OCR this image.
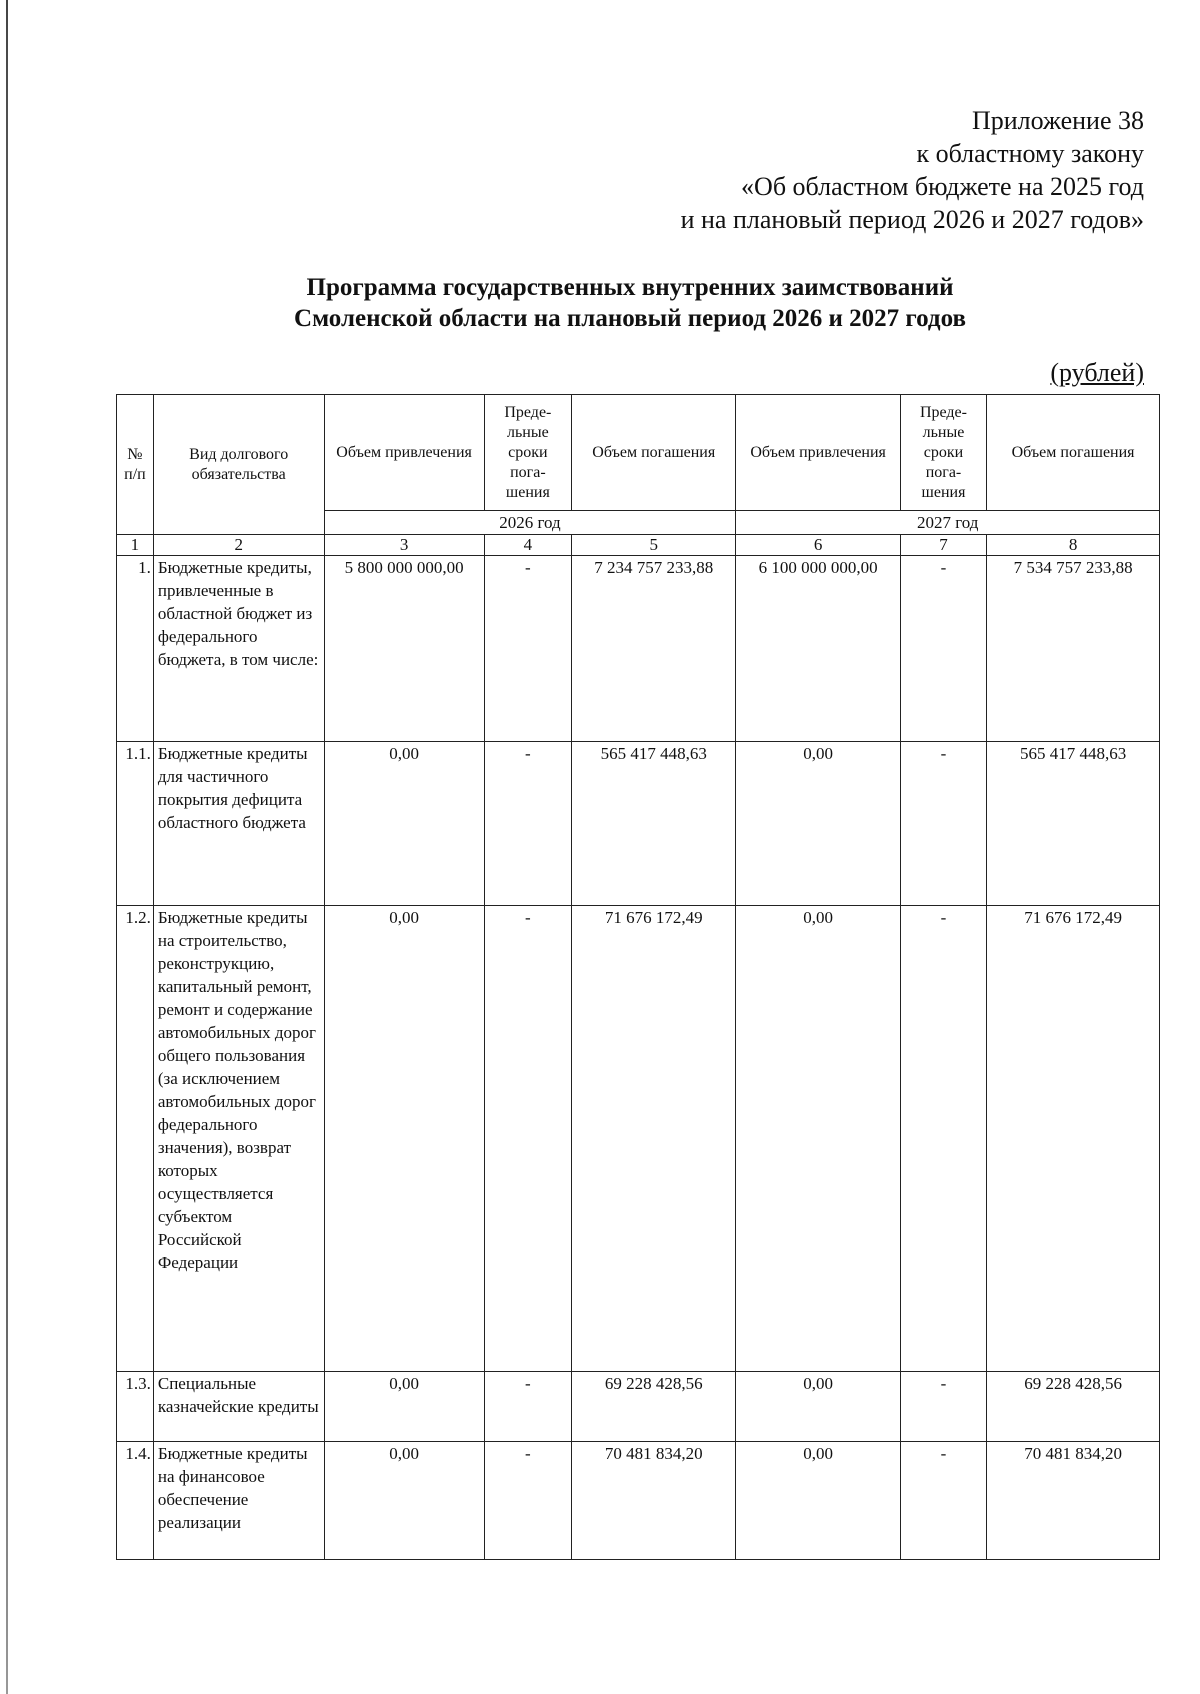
Приложение 38
к областному закону
«Об областном бюджете на 2025 год
и на плановый период 2026 и 2027 годов»
Программа государственных внутренних заимствований
Смоленской области на плановый период 2026 и 2027 годов
(рублей)
№ п/п	Вид долгового обязательства	Объем привлечения	Преде-льные сроки пога-шения	Объем погашения	Объем привлечения	Преде-льные сроки пога-шения	Объем погашения
		2026 год			2027 год		
1	2	3	4	5	6	7	8
1.	Бюджетные кредиты, привлеченные в областной бюджет из федерального бюджета, в том числе:	5 800 000 000,00	-	7 234 757 233,88	6 100 000 000,00	-	7 534 757 233,88
1.1.	Бюджетные кредиты для частичного покрытия дефицита областного бюджета	0,00	-	565 417 448,63	0,00	-	565 417 448,63
1.2.	Бюджетные кредиты на строительство, реконструкцию, капитальный ремонт, ремонт и содержание автомобильных дорог общего пользования (за исключением автомобильных дорог федерального значения), возврат которых осуществляется субъектом Российской Федерации	0,00	-	71 676 172,49	0,00	-	71 676 172,49
1.3.	Специальные казначейские кредиты	0,00	-	69 228 428,56	0,00	-	69 228 428,56
1.4.	Бюджетные кредиты на финансовое обеспечение реализации	0,00	-	70 481 834,20	0,00	-	70 481 834,20
